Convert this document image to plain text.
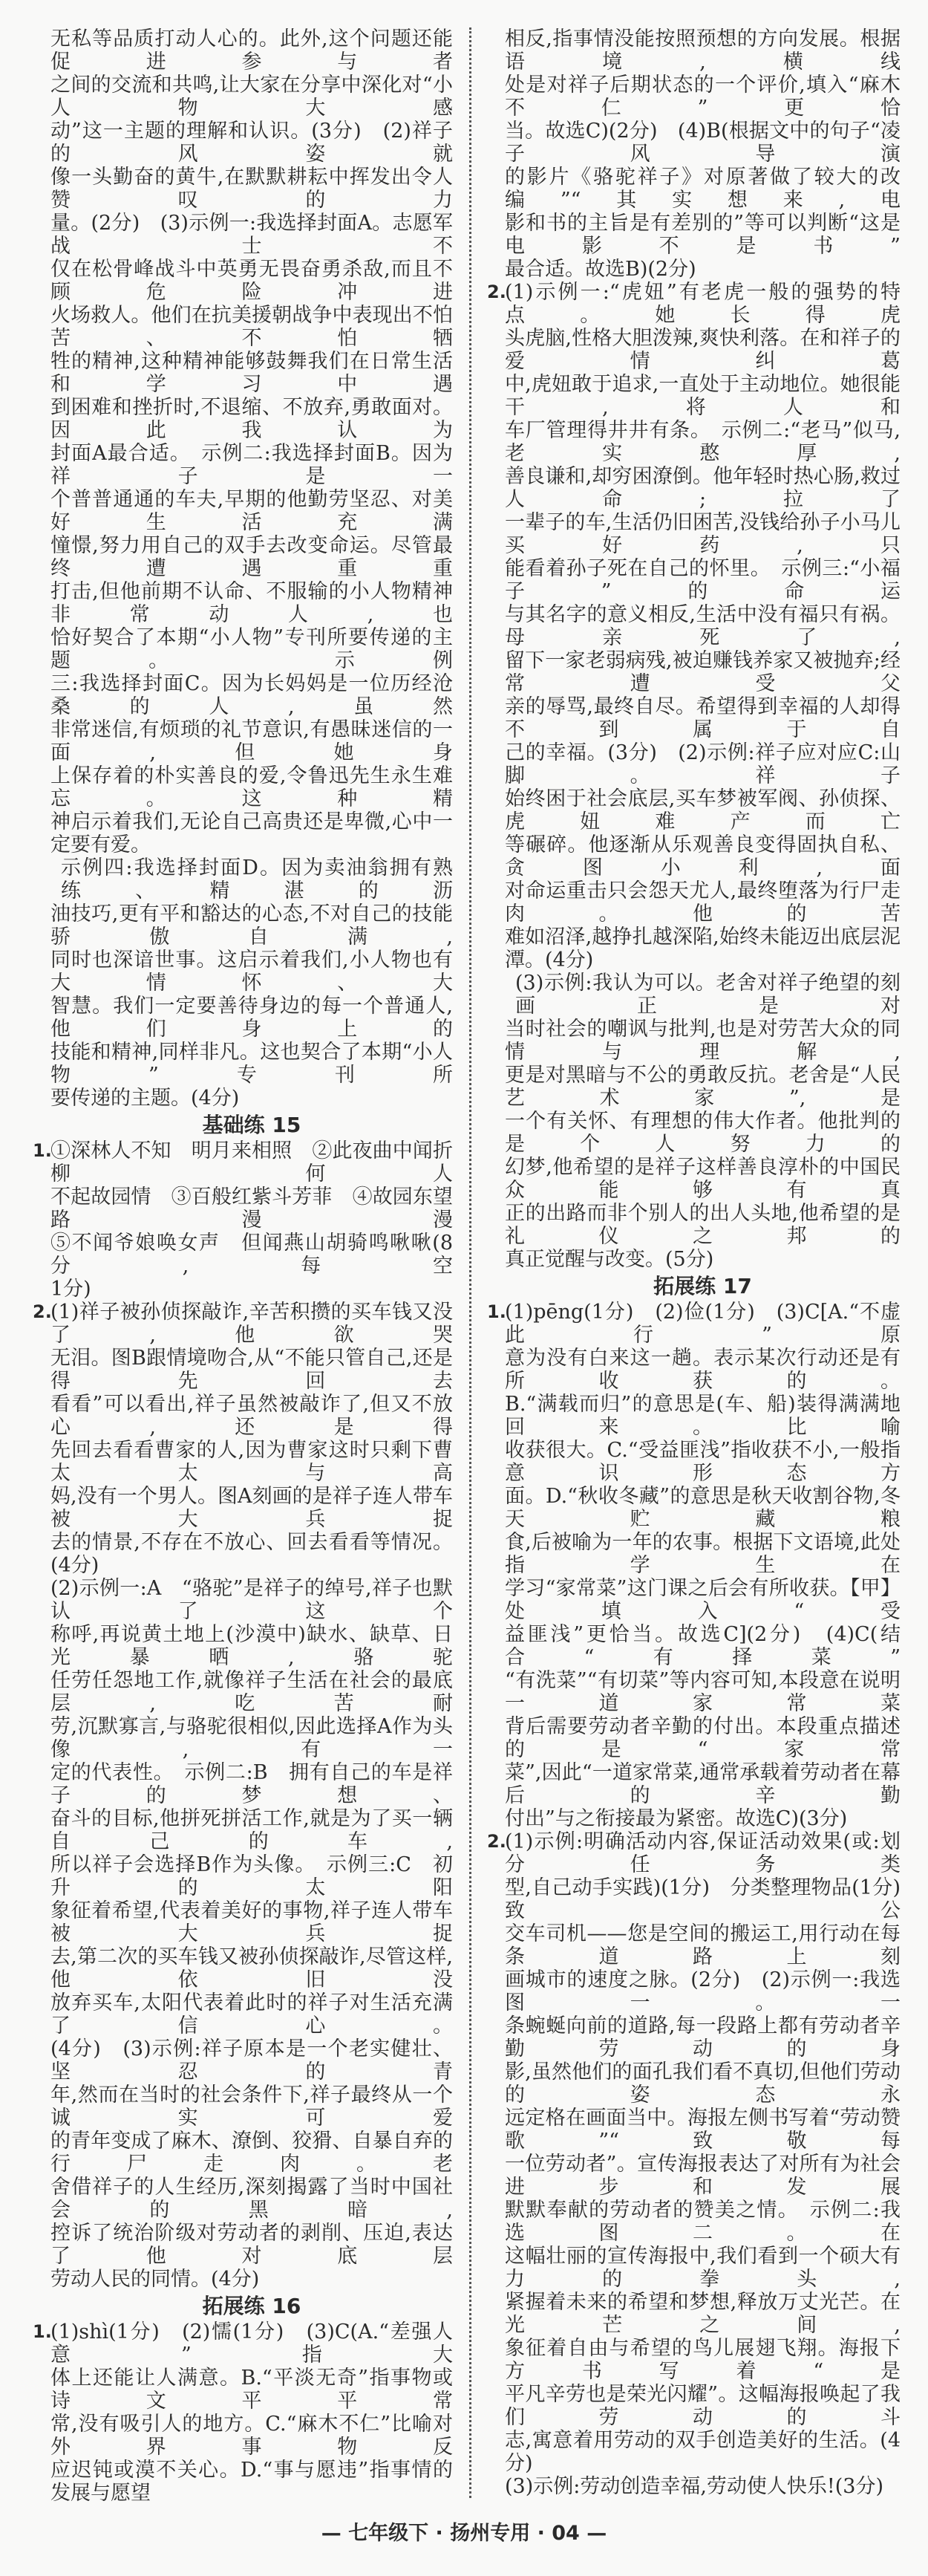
无私等品质打动人心的。此外,这个问题还能促进参与者
之间的交流和共鸣,让大家在分享中深化对“小人物大感
动”这一主题的理解和认识。(3分)　(2)祥子的风姿就
像一头勤奋的黄牛,在默默耕耘中挥发出令人赞叹的力
量。(2分)　(3)示例一:我选择封面A。志愿军战士不
仅在松骨峰战斗中英勇无畏奋勇杀敌,而且不顾危险冲进
火场救人。他们在抗美援朝战争中表现出不怕苦、不怕牺
牲的精神,这种精神能够鼓舞我们在日常生活和学习中遇
到困难和挫折时,不退缩、不放弃,勇敢面对。因此我认为
封面A最合适。　示例二:我选择封面B。因为祥子是一
个普普通通的车夫,早期的他勤劳坚忍、对美好生活充满
憧憬,努力用自己的双手去改变命运。尽管最终遭遇重重
打击,但他前期不认命、不服输的小人物精神非常动人,也
恰好契合了本期“小人物”专刊所要传递的主题。　示例
三:我选择封面C。因为长妈妈是一位历经沧桑的人,虽然
非常迷信,有烦琐的礼节意识,有愚昧迷信的一面,但她身
上保存着的朴实善良的爱,令鲁迅先生永生难忘。这种精
神启示着我们,无论自己高贵还是卑微,心中一定要有爱。
示例四:我选择封面D。因为卖油翁拥有熟练、精湛的沥
油技巧,更有平和豁达的心态,不对自己的技能骄傲自满,
同时也深谙世事。这启示着我们,小人物也有大情怀、大
智慧。我们一定要善待身边的每一个普通人,他们身上的
技能和精神,同样非凡。这也契合了本期“小人物”专刊所
要传递的主题。(4分)
基础练 15
1.
①深林人不知　明月来相照　②此夜曲中闻折柳　何人
不起故园情　③百般红紫斗芳菲　④故园东望路漫漫
⑤不闻爷娘唤女声　但闻燕山胡骑鸣啾啾(8分,每空
1分)
2.
(1)祥子被孙侦探敲诈,辛苦积攒的买车钱又没了,他欲哭
无泪。图B跟情境吻合,从“不能只管自己,还是得先回去
看看”可以看出,祥子虽然被敲诈了,但又不放心,还是得
先回去看看曹家的人,因为曹家这时只剩下曹太太与高
妈,没有一个男人。图A刻画的是祥子连人带车被大兵捉
去的情景,不存在不放心、回去看看等情况。(4分)
(2)示例一:A　“骆驼”是祥子的绰号,祥子也默认了这个
称呼,再说黄土地上(沙漠中)缺水、缺草、日光暴晒,骆驼
任劳任怨地工作,就像祥子生活在社会的最底层,吃苦耐
劳,沉默寡言,与骆驼很相似,因此选择A作为头像,有一
定的代表性。　示例二:B　拥有自己的车是祥子的梦想、
奋斗的目标,他拼死拼活工作,就是为了买一辆自己的车,
所以祥子会选择B作为头像。　示例三:C　初升的太阳
象征着希望,代表着美好的事物,祥子连人带车被大兵捉
去,第二次的买车钱又被孙侦探敲诈,尽管这样,他依旧没
放弃买车,太阳代表着此时的祥子对生活充满了信心。
(4分)　(3)示例:祥子原本是一个老实健壮、坚忍的青
年,然而在当时的社会条件下,祥子最终从一个诚实可爱
的青年变成了麻木、潦倒、狡猾、自暴自弃的行尸走肉。老
舍借祥子的人生经历,深刻揭露了当时中国社会的黑暗,
控诉了统治阶级对劳动者的剥削、压迫,表达了他对底层
劳动人民的同情。(4分)
拓展练 16
1.
(1)shì(1分)　(2)懦(1分)　(3)C(A.“差强人意”指大
体上还能让人满意。B.“平淡无奇”指事物或诗文平平常
常,没有吸引人的地方。C.“麻木不仁”比喻对外界事物反
应迟钝或漠不关心。D.“事与愿违”指事情的发展与愿望
相反,指事情没能按照预想的方向发展。根据语境,横线
处是对祥子后期状态的一个评价,填入“麻木不仁”更恰
当。故选C)(2分)　(4)B(根据文中的句子“凌子风导演
的影片《骆驼祥子》对原著做了较大的改编”“其实想来,电
影和书的主旨是有差别的”等可以判断“这是电影不是书”
最合适。故选B)(2分)
2.
(1)示例一:“虎妞”有老虎一般的强势的特点。她长得虎
头虎脑,性格大胆泼辣,爽快利落。在和祥子的爱情纠葛
中,虎妞敢于追求,一直处于主动地位。她很能干,将人和
车厂管理得井井有条。　示例二:“老马”似马,老实憨厚,
善良谦和,却穷困潦倒。他年轻时热心肠,救过人命;拉了
一辈子的车,生活仍旧困苦,没钱给孙子小马儿买好药,只
能看着孙子死在自己的怀里。　示例三:“小福子”的命运
与其名字的意义相反,生活中没有福只有祸。母亲死了,
留下一家老弱病残,被迫赚钱养家又被抛弃;经常遭受父
亲的辱骂,最终自尽。希望得到幸福的人却得不到属于自
己的幸福。(3分)　(2)示例:祥子应对应C:山脚。祥子
始终困于社会底层,买车梦被军阀、孙侦探、虎妞难产而亡
等碾碎。他逐渐从乐观善良变得固执自私、贪图小利,面
对命运重击只会怨天尤人,最终堕落为行尸走肉。他的苦
难如沼泽,越挣扎越深陷,始终未能迈出底层泥潭。(4分)
(3)示例:我认为可以。老舍对祥子绝望的刻画正是对
当时社会的嘲讽与批判,也是对劳苦大众的同情与理解,
更是对黑暗与不公的勇敢反抗。老舍是“人民艺术家”,是
一个有关怀、有理想的伟大作者。他批判的是个人努力的
幻梦,他希望的是祥子这样善良淳朴的中国民众能够有真
正的出路而非个别人的出人头地,他希望的是礼仪之邦的
真正觉醒与改变。(5分)
拓展练 17
1.
(1)pēng(1分)　(2)俭(1分)　(3)C[A.“不虚此行”原
意为没有白来这一趟。表示某次行动还是有所收获的。
B.“满载而归”的意思是(车、船)装得满满地回来。比喻
收获很大。C.“受益匪浅”指收获不小,一般指意识形态方
面。D.“秋收冬藏”的意思是秋天收割谷物,冬天贮藏粮
食,后被喻为一年的农事。根据下文语境,此处指学生在
学习“家常菜”这门课之后会有所收获。【甲】处填入“受
益匪浅”更恰当。故选C](2分)　(4)C(结合“有择菜”
“有洗菜”“有切菜”等内容可知,本段意在说明一道家常菜
背后需要劳动者辛勤的付出。本段重点描述的是“家常
菜”,因此“一道家常菜,通常承载着劳动者在幕后的辛勤
付出”与之衔接最为紧密。故选C)(3分)
2.
(1)示例:明确活动内容,保证活动效果(或:划分任务类
型,自己动手实践)(1分)　分类整理物品(1分)　致公
交车司机——您是空间的搬运工,用行动在每条道路上刻
画城市的速度之脉。(2分)　(2)示例一:我选图一。一
条蜿蜒向前的道路,每一段路上都有劳动者辛勤劳动的身
影,虽然他们的面孔我们看不真切,但他们劳动的姿态永
远定格在画面当中。海报左侧书写着“劳动赞歌”“致敬每
一位劳动者”。宣传海报表达了对所有为社会进步和发展
默默奉献的劳动者的赞美之情。　示例二:我选图二。在
这幅壮丽的宣传海报中,我们看到一个硕大有力的拳头,
紧握着未来的希望和梦想,释放万丈光芒。在光芒之间,
象征着自由与希望的鸟儿展翅飞翔。海报下方书写着“是
平凡辛劳也是荣光闪耀”。这幅海报唤起了我们劳动的斗
志,寓意着用劳动的双手创造美好的生活。(4分)
(3)示例:劳动创造幸福,劳动使人快乐!(3分)
— 七年级下 · 扬州专用 · 04 —
